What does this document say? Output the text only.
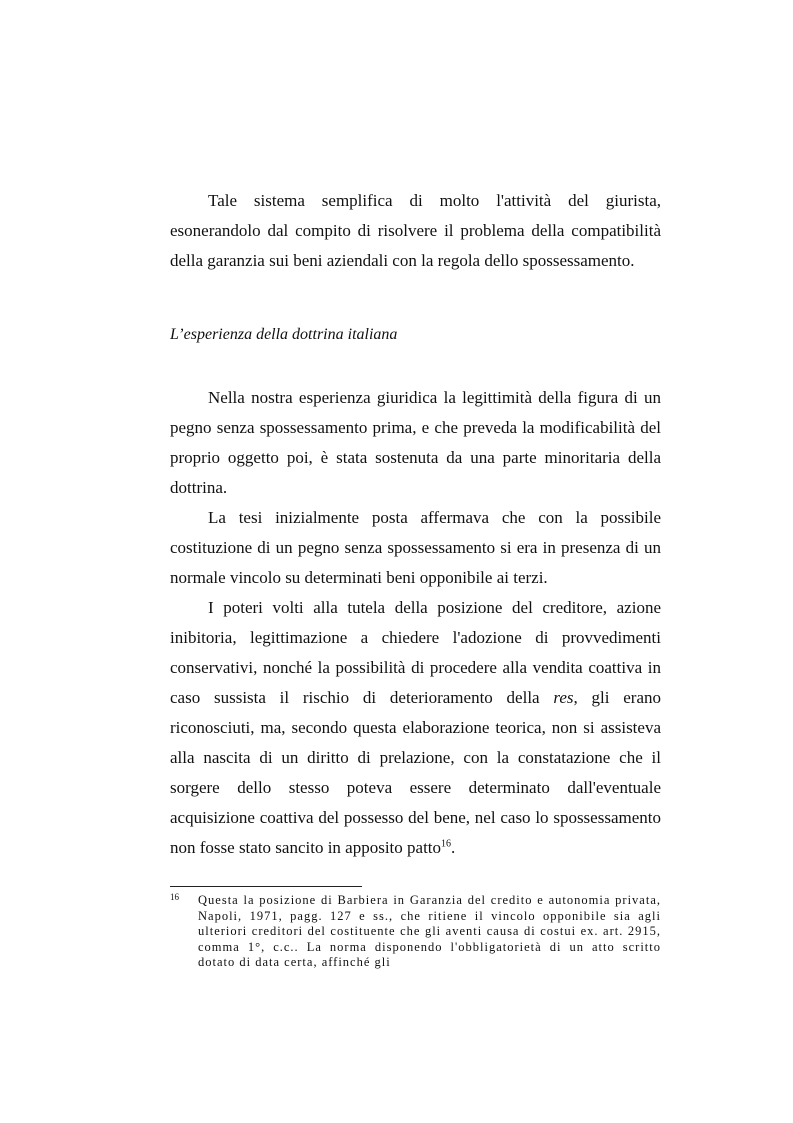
Tale sistema semplifica di molto l'attività del giurista, esonerandolo dal compito di risolvere il problema della compatibilità della garanzia sui beni aziendali con la regola dello spossessamento.

L’esperienza della dottrina italiana

Nella nostra esperienza giuridica la legittimità della figura di un pegno senza spossessamento prima, e che preveda la modificabilità del proprio oggetto poi, è stata sostenuta da una parte minoritaria della dottrina.

La tesi inizialmente posta affermava che con la possibile costituzione di un pegno senza spossessamento si era in presenza di un normale vincolo su determinati beni opponibile ai terzi.

I poteri volti alla tutela della posizione del creditore, azione inibitoria, legittimazione a chiedere l'adozione di provvedimenti conservativi, nonché la possibilità di procedere alla vendita coattiva in caso sussista il rischio di deterioramento della res, gli erano riconosciuti, ma, secondo questa elaborazione teorica, non si assisteva alla nascita di un diritto di prelazione, con la constatazione che il sorgere dello stesso poteva essere determinato dall'eventuale acquisizione coattiva del possesso del bene, nel caso lo spossessamento non fosse stato sancito in apposito patto$^{16}$.

16 Questa la posizione di Barbiera in Garanzia del credito e autonomia privata, Napoli, 1971, pagg. 127 e ss., che ritiene il vincolo opponibile sia agli ulteriori creditori del costituente che gli aventi causa di costui ex. art. 2915, comma 1°, c.c.. La norma disponendo l'obbligatorietà di un atto scritto dotato di data certa, affinché gli
